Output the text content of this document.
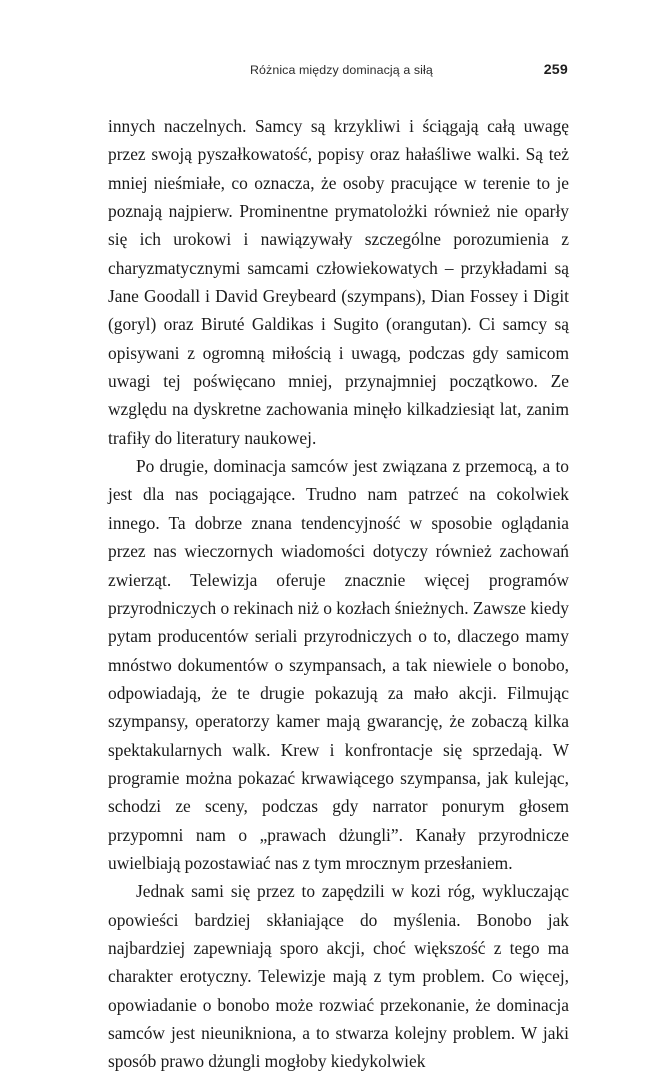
Różnica między dominacją a siłą	259

innych naczelnych. Samcy są krzykliwi i ściągają całą uwagę przez swoją pyszałkowatość, popisy oraz hałaśliwe walki. Są też mniej nieśmiałe, co oznacza, że osoby pracujące w terenie to je poznają najpierw. Prominentne prymatolożki również nie oparły się ich urokowi i nawiązywały szczególne porozumienia z charyzmatycznymi samcami człowiekowatych – przykładami są Jane Goodall i David Greybeard (szympans), Dian Fossey i Digit (goryl) oraz Biruté Galdikas i Sugito (orangutan). Ci samcy są opisywani z ogromną miłością i uwagą, podczas gdy samicom uwagi tej poświęcano mniej, przynajmniej początkowo. Ze względu na dyskretne zachowania minęło kilkadziesiąt lat, zanim trafiły do literatury naukowej.

Po drugie, dominacja samców jest związana z przemocą, a to jest dla nas pociągające. Trudno nam patrzeć na cokolwiek innego. Ta dobrze znana tendencyjność w sposobie oglądania przez nas wieczornych wiadomości dotyczy również zachowań zwierząt. Telewizja oferuje znacznie więcej programów przyrodniczych o rekinach niż o kozłach śnieżnych. Zawsze kiedy pytam producentów seriali przyrodniczych o to, dlaczego mamy mnóstwo dokumentów o szympansach, a tak niewiele o bonobo, odpowiadają, że te drugie pokazują za mało akcji. Filmując szympansy, operatorzy kamer mają gwarancję, że zobaczą kilka spektakularnych walk. Krew i konfrontacje się sprzedają. W programie można pokazać krwawiącego szympansa, jak kulejąc, schodzi ze sceny, podczas gdy narrator ponurym głosem przypomni nam o „prawach dżungli”. Kanały przyrodnicze uwielbiają pozostawiać nas z tym mrocznym przesłaniem.

Jednak sami się przez to zapędzili w kozi róg, wykluczając opowieści bardziej skłaniające do myślenia. Bonobo jak najbardziej zapewniają sporo akcji, choć większość z tego ma charakter erotyczny. Telewizje mają z tym problem. Co więcej, opowiadanie o bonobo może rozwiać przekonanie, że dominacja samców jest nieunikniona, a to stwarza kolejny problem. W jaki sposób prawo dżungli mogłoby kiedykolwiek
